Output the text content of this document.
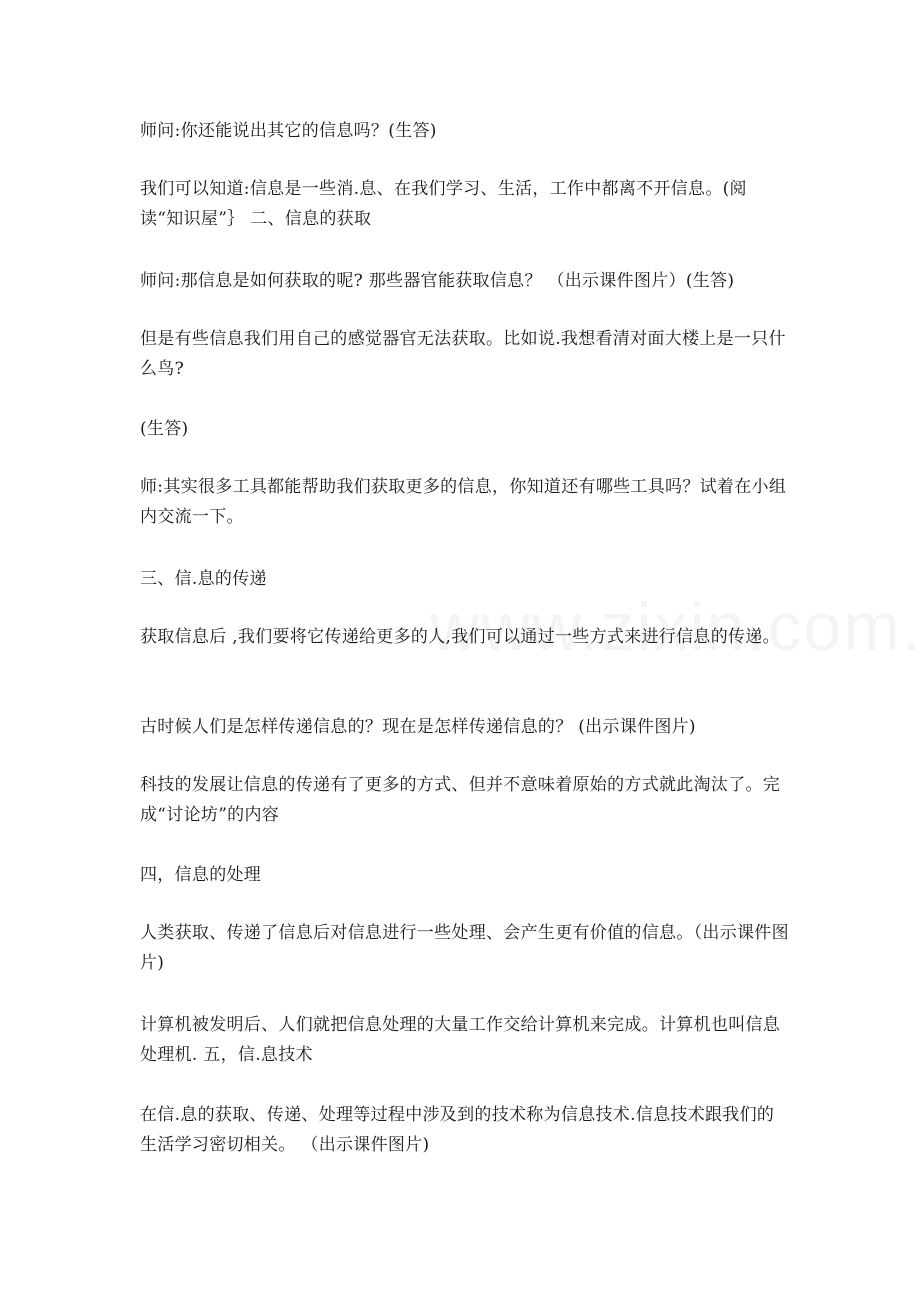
师问:你还能说出其它的信息吗？(生答)

我们可以知道:信息是一些消.息、在我们学习、生活，工作中都离不开信息。(阅读“知识屋”｝ 二、信息的获取

师问:那信息是如何获取的呢? 那些器官能获取信息？ （出示课件图片）(生答)

但是有些信息我们用自己的感觉器官无法获取。比如说.我想看清对面大楼上是一只什么鸟?

(生答)

师:其实很多工具都能帮助我们获取更多的信息，你知道还有哪些工具吗？试着在小组内交流一下。

三、信.息的传递

获取信息后 ,我们要将它传递给更多的人,我们可以通过一些方式来进行信息的传递。

古时候人们是怎样传递信息的？现在是怎样传递信息的？ (出示课件图片)

科技的发展让信息的传递有了更多的方式、但并不意味着原始的方式就此淘汰了。完成“讨论坊”的内容

四，信息的处理

人类获取、传递了信息后对信息进行一些处理、会产生更有价值的信息。（出示课件图片)

计算机被发明后、人们就把信息处理的大量工作交给计算机来完成。计算机也叫信息处理机. 五，信.息技术

在信.息的获取、传递、处理等过程中涉及到的技术称为信息技术.信息技术跟我们的生活学习密切相关。 （出示课件图片)
